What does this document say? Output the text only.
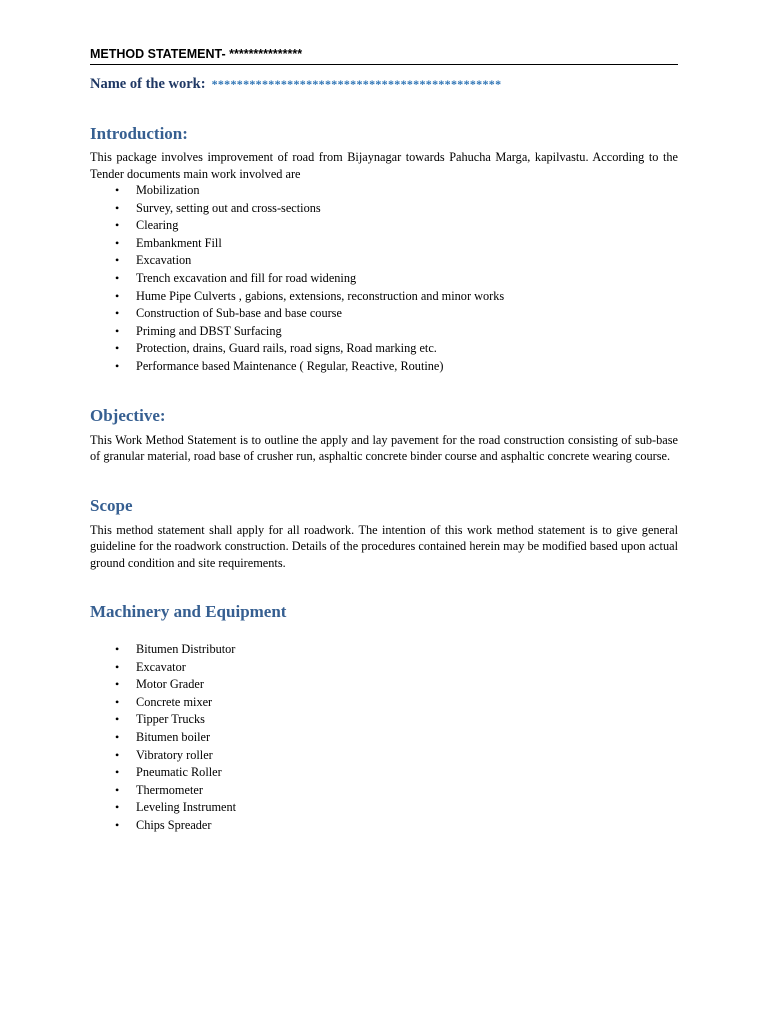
METHOD STATEMENT- ***************
Name of the work: **********************************************
Introduction:

This package involves improvement of road from Bijaynagar towards Pahucha Marga, kapilvastu. According to the Tender documents main work involved are

• Mobilization
• Survey, setting out and cross-sections
• Clearing
• Embankment Fill
• Excavation
• Trench excavation and fill for road widening
• Hume Pipe Culverts , gabions, extensions, reconstruction and minor works
• Construction of Sub-base and base course
• Priming and DBST Surfacing
• Protection, drains, Guard rails, road signs, Road marking etc.
• Performance based Maintenance ( Regular, Reactive, Routine)
Objective:

This Work Method Statement is to outline the apply and lay pavement for the road construction consisting of sub-base of granular material, road base of crusher run, asphaltic concrete binder course and asphaltic concrete wearing course.

Scope

This method statement shall apply for all roadwork. The intention of this work method statement is to give general guideline for the roadwork construction. Details of the procedures contained herein may be modified based upon actual ground condition and site requirements.

Machinery and Equipment
• Bitumen Distributor
• Excavator
• Motor Grader
• Concrete mixer
• Tipper Trucks
• Bitumen boiler
• Vibratory roller
• Pneumatic Roller
• Thermometer
• Leveling Instrument
• Chips Spreader
